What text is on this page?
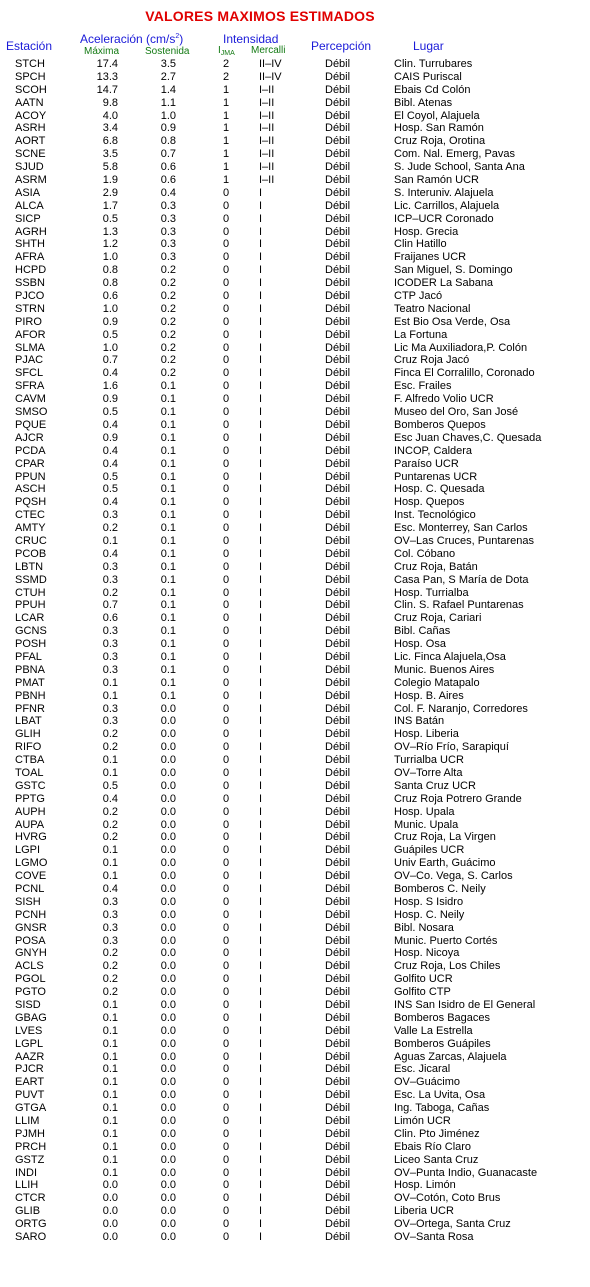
VALORES MAXIMOS ESTIMADOS
Estación Aceleración $(cm/s^2)$
Máxima	Sostenida
Intensidad
$I_{JMA}$ Mercalli Percepción	Lugar
STCH	17.4	3.5	2	II–IV	Débil	Clin. Turrubares
SPCH	13.3	2.7	2	II–IV	Débil	CAIS Puriscal
SCOH	14.7	1.4	1	I–II	Débil	Ebais Cd Colón
AATN	9.8	1.1	1	I–II	Débil	Bibl. Atenas
ACOY	4.0	1.0	1	I–II	Débil	El Coyol, Alajuela
ASRH	3.4	0.9	1	I–II	Débil	Hosp. San Ramón
AORT	6.8	0.8	1	I–II	Débil	Cruz Roja, Orotina
SCNE	3.5	0.7	1	I–II	Débil	Com. Nal. Emerg, Pavas
SJUD	5.8	0.6	1	I–II	Débil	S. Jude School, Santa Ana
ASRM	1.9	0.6	1	I–II	Débil	San Ramón UCR
ASIA	2.9	0.4	0	I	Débil	S. Interuniv. Alajuela
ALCA	1.7	0.3	0	I	Débil	Lic. Carrillos, Alajuela
SICP	0.5	0.3	0	I	Débil	ICP–UCR Coronado
AGRH	1.3	0.3	0	I	Débil	Hosp. Grecia
SHTH	1.2	0.3	0	I	Débil	Clin Hatillo
AFRA	1.0	0.3	0	I	Débil	Fraijanes UCR
HCPD	0.8	0.2	0	I	Débil	San Miguel, S. Domingo
SSBN	0.8	0.2	0	I	Débil	ICODER La Sabana
PJCO	0.6	0.2	0	I	Débil	CTP Jacó
STRN	1.0	0.2	0	I	Débil	Teatro Nacional
PIRO	0.9	0.2	0	I	Débil	Est Bio Osa Verde, Osa
AFOR	0.5	0.2	0	I	Débil	La Fortuna
SLMA	1.0	0.2	0	I	Débil	Lic Ma Auxiliadora,P. Colón
PJAC	0.7	0.2	0	I	Débil	Cruz Roja Jacó
SFCL	0.4	0.2	0	I	Débil	Finca El Corralillo, Coronado
SFRA	1.6	0.1	0	I	Débil	Esc. Frailes
CAVM	0.9	0.1	0	I	Débil	F. Alfredo Volio UCR
SMSO	0.5	0.1	0	I	Débil	Museo del Oro, San José
PQUE	0.4	0.1	0	I	Débil	Bomberos Quepos
AJCR	0.9	0.1	0	I	Débil	Esc Juan Chaves,C. Quesada
PCDA	0.4	0.1	0	I	Débil	INCOP, Caldera
CPAR	0.4	0.1	0	I	Débil	Paraíso UCR
PPUN	0.5	0.1	0	I	Débil	Puntarenas UCR
ASCH	0.5	0.1	0	I	Débil	Hosp. C. Quesada
PQSH	0.4	0.1	0	I	Débil	Hosp. Quepos
CTEC	0.3	0.1	0	I	Débil	Inst. Tecnológico
AMTY	0.2	0.1	0	I	Débil	Esc. Monterrey, San Carlos
CRUC	0.1	0.1	0	I	Débil	OV–Las Cruces, Puntarenas
PCOB	0.4	0.1	0	I	Débil	Col. Cóbano
LBTN	0.3	0.1	0	I	Débil	Cruz Roja, Batán
SSMD	0.3	0.1	0	I	Débil	Casa Pan, S María de Dota
CTUH	0.2	0.1	0	I	Débil	Hosp. Turrialba
PPUH	0.7	0.1	0	I	Débil	Clin. S. Rafael Puntarenas
LCAR	0.6	0.1	0	I	Débil	Cruz Roja, Cariari
GCNS	0.3	0.1	0	I	Débil	Bibl. Cañas
POSH	0.3	0.1	0	I	Débil	Hosp. Osa
PFAL	0.3	0.1	0	I	Débil	Lic. Finca Alajuela,Osa
PBNA	0.3	0.1	0	I	Débil	Munic. Buenos Aires
PMAT	0.1	0.1	0	I	Débil	Colegio Matapalo
PBNH	0.1	0.1	0	I	Débil	Hosp. B. Aires
PFNR	0.3	0.0	0	I	Débil	Col. F. Naranjo, Corredores
LBAT	0.3	0.0	0	I	Débil	INS Batán
GLIH	0.2	0.0	0	I	Débil	Hosp. Liberia
RIFO	0.2	0.0	0	I	Débil	OV–Río Frío, Sarapiquí
CTBA	0.1	0.0	0	I	Débil	Turrialba UCR
TOAL	0.1	0.0	0	I	Débil	OV–Torre Alta
GSTC	0.5	0.0	0	I	Débil	Santa Cruz UCR
PPTG	0.4	0.0	0	I	Débil	Cruz Roja Potrero Grande
AUPH	0.2	0.0	0	I	Débil	Hosp. Upala
AUPA	0.2	0.0	0	I	Débil	Munic. Upala
HVRG	0.2	0.0	0	I	Débil	Cruz Roja, La Virgen
LGPI	0.1	0.0	0	I	Débil	Guápiles UCR
LGMO	0.1	0.0	0	I	Débil	Univ Earth, Guácimo
COVE	0.1	0.0	0	I	Débil	OV–Co. Vega, S. Carlos
PCNL	0.4	0.0	0	I	Débil	Bomberos C. Neily
SISH	0.3	0.0	0	I	Débil	Hosp. S Isidro
PCNH	0.3	0.0	0	I	Débil	Hosp. C. Neily
GNSR	0.3	0.0	0	I	Débil	Bibl. Nosara
POSA	0.3	0.0	0	I	Débil	Munic. Puerto Cortés
GNYH	0.2	0.0	0	I	Débil	Hosp. Nicoya
ACLS	0.2	0.0	0	I	Débil	Cruz Roja, Los Chiles
PGOL	0.2	0.0	0	I	Débil	Golfito UCR
PGTO	0.2	0.0	0	I	Débil	Golfito CTP
SISD	0.1	0.0	0	I	Débil	INS San Isidro de El General
GBAG	0.1	0.0	0	I	Débil	Bomberos Bagaces
LVES	0.1	0.0	0	I	Débil	Valle La Estrella
LGPL	0.1	0.0	0	I	Débil	Bomberos Guápiles
AAZR	0.1	0.0	0	I	Débil	Aguas Zarcas, Alajuela
PJCR	0.1	0.0	0	I	Débil	Esc. Jicaral
EART	0.1	0.0	0	I	Débil	OV–Guácimo
PUVT	0.1	0.0	0	I	Débil	Esc. La Uvita, Osa
GTGA	0.1	0.0	0	I	Débil	Ing. Taboga, Cañas
LLIM	0.1	0.0	0	I	Débil	Limón UCR
PJMH	0.1	0.0	0	I	Débil	Clin. Pto Jiménez
PRCH	0.1	0.0	0	I	Débil	Ebais Río Claro
GSTZ	0.1	0.0	0	I	Débil	Liceo Santa Cruz
INDI	0.1	0.0	0	I	Débil	OV–Punta Indio, Guanacaste
LLIH	0.0	0.0	0	I	Débil	Hosp. Limón
CTCR	0.0	0.0	0	I	Débil	OV–Cotón, Coto Brus
GLIB	0.0	0.0	0	I	Débil	Liberia UCR
ORTG	0.0	0.0	0	I	Débil	OV–Ortega, Santa Cruz
SARO	0.0	0.0	0	I	Débil	OV–Santa Rosa
